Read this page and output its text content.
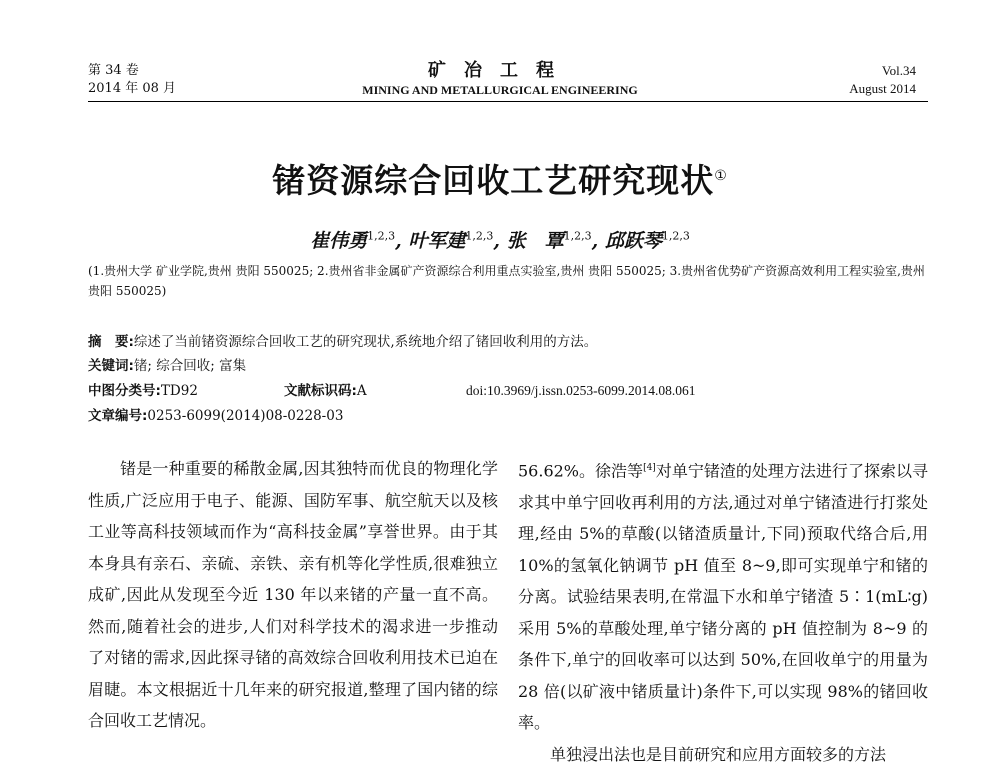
第 34 卷
2014 年 08 月
矿冶工程
MINING AND METALLURGICAL ENGINEERING
Vol.34
August 2014
锗资源综合回收工艺研究现状①
崔伟勇$^{1,2,3}$, 叶军建$^{1,2,3}$, 张　覃$^{1,2,3}$, 邱跃琴$^{1,2,3}$
(1.贵州大学 矿业学院,贵州 贵阳 550025; 2.贵州省非金属矿产资源综合利用重点实验室,贵州 贵阳 550025; 3.贵州省优势矿产资源高效利用工程实验室,贵州 贵阳 550025)
摘　要:综述了当前锗资源综合回收工艺的研究现状,系统地介绍了锗回收利用的方法。
关键词:锗; 综合回收; 富集
中图分类号:TD92	文献标识码:A	doi:10.3969/j.issn.0253-6099.2014.08.061
文章编号:0253-6099(2014)08-0228-03

锗是一种重要的稀散金属,因其独特而优良的物理化学性质,广泛应用于电子、能源、国防军事、航空航天以及核工业等高科技领域而作为“高科技金属”享誉世界。由于其本身具有亲石、亲硫、亲铁、亲有机等化学性质,很难独立成矿,因此从发现至今近 130 年以来锗的产量一直不高。然而,随着社会的进步,人们对科学技术的渴求进一步推动了对锗的需求,因此探寻锗的高效综合回收利用技术已迫在眉睫。本文根据近十几年来的研究报道,整理了国内锗的综合回收工艺情况。

56.62%。徐浩等[4]对单宁锗渣的处理方法进行了探索以寻求其中单宁回收再利用的方法,通过对单宁锗渣进行打浆处理,经由 5%的草酸(以锗渣质量计,下同)预取代络合后,用 10%的氢氧化钠调节 pH 值至 8~9,即可实现单宁和锗的分离。试验结果表明,在常温下水和单宁锗渣 5∶1(mL∶g)采用 5%的草酸处理,单宁锗分离的 pH 值控制为 8~9 的条件下,单宁的回收率可以达到 50%,在回收单宁的用量为 28 倍(以矿液中锗质量计)条件下,可以实现 98%的锗回收率。

单独浸出法也是目前研究和应用方面较多的方法
